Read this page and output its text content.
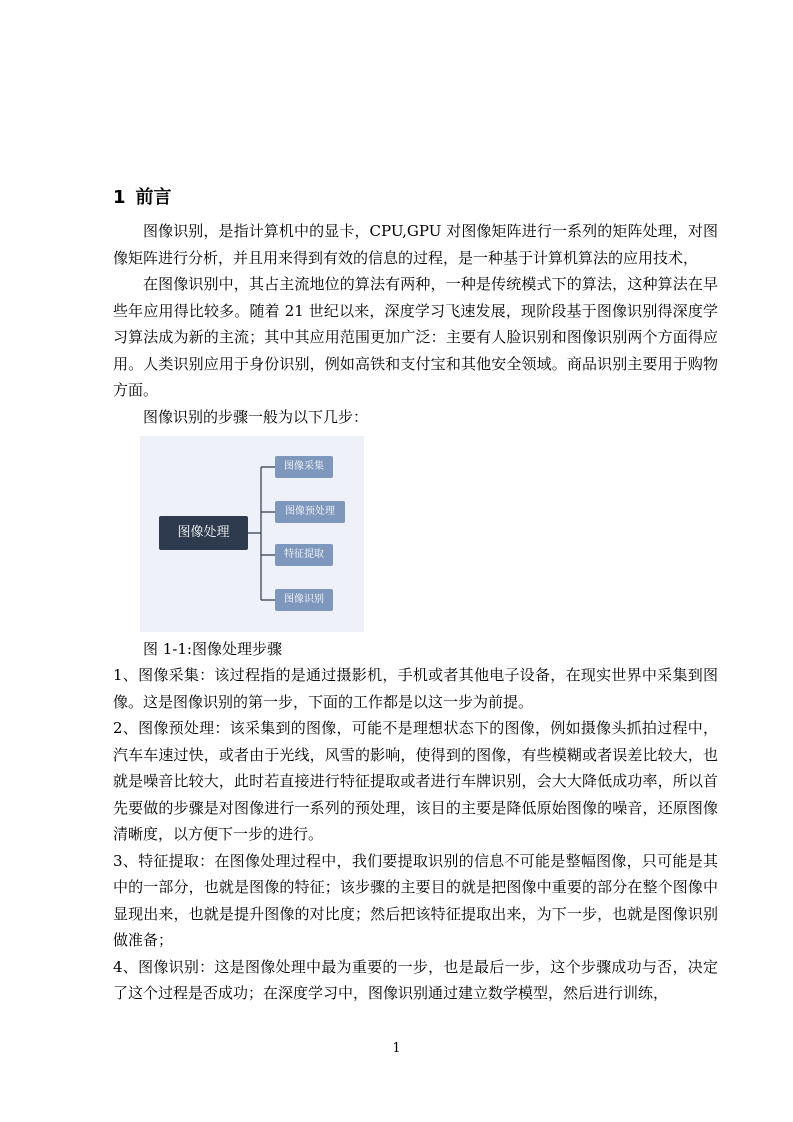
1 前言

图像识别，是指计算机中的显卡，CPU,GPU 对图像矩阵进行一系列的矩阵处理，对图像矩阵进行分析，并且用来得到有效的信息的过程，是一种基于计算机算法的应用技术，

在图像识别中，其占主流地位的算法有两种，一种是传统模式下的算法，这种算法在早些年应用得比较多。随着 21 世纪以来，深度学习飞速发展，现阶段基于图像识别得深度学习算法成为新的主流；其中其应用范围更加广泛：主要有人脸识别和图像识别两个方面得应用。人类识别应用于身份识别，例如高铁和支付宝和其他安全领域。商品识别主要用于购物方面。

图像识别的步骤一般为以下几步：

图像处理
图像采集
图像预处理
特征提取
图像识别

图 1-1:图像处理步骤

1、图像采集：该过程指的是通过摄影机，手机或者其他电子设备，在现实世界中采集到图像。这是图像识别的第一步，下面的工作都是以这一步为前提。

2、图像预处理：该采集到的图像，可能不是理想状态下的图像，例如摄像头抓拍过程中，汽车车速过快，或者由于光线，风雪的影响，使得到的图像，有些模糊或者误差比较大，也就是噪音比较大，此时若直接进行特征提取或者进行车牌识别，会大大降低成功率，所以首先要做的步骤是对图像进行一系列的预处理，该目的主要是降低原始图像的噪音，还原图像清晰度，以方便下一步的进行。

3、特征提取：在图像处理过程中，我们要提取识别的信息不可能是整幅图像，只可能是其中的一部分，也就是图像的特征；该步骤的主要目的就是把图像中重要的部分在整个图像中显现出来，也就是提升图像的对比度；然后把该特征提取出来，为下一步，也就是图像识别做准备；

4、图像识别：这是图像处理中最为重要的一步，也是最后一步，这个步骤成功与否，决定了这个过程是否成功；在深度学习中，图像识别通过建立数学模型，然后进行训练，

1
